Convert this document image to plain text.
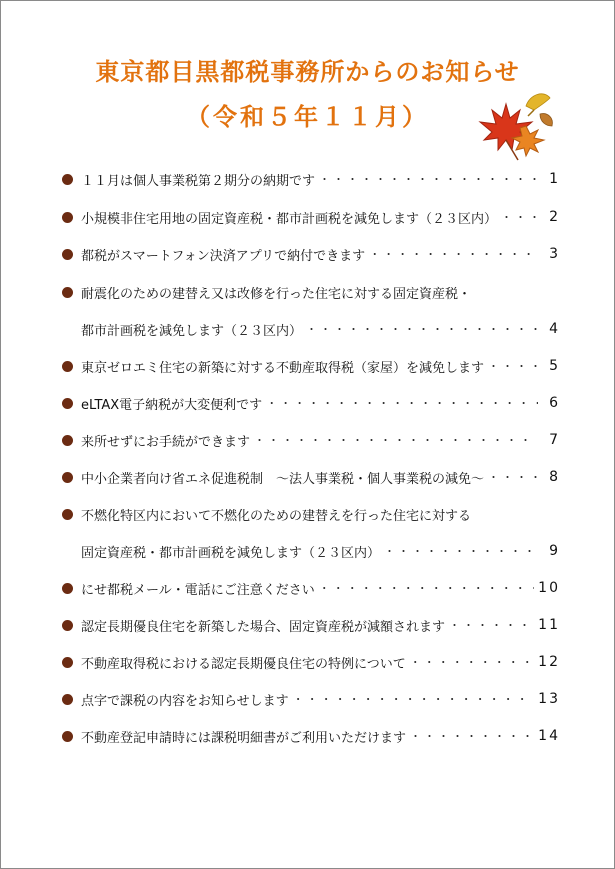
東京都目黒都税事務所からのお知らせ
（令和５年１１月）
１１月は個人事業税第２期分の納期です ・・・・・・・・・・・・・・・・・・・・・・・・・・・・・・・・・・・・・・・・・・・・・・・・・・・・・・・	1
小規模非住宅用地の固定資産税・都市計画税を減免します（２３区内） ・・・・・・・・・・・・・・・・・・・・・・・・・・・・・・・・・・・・・・・・・・・・・・・・・・・・・・・	2
都税がスマートフォン決済アプリで納付できます ・・・・・・・・・・・・・・・・・・・・・・・・・・・・・・・・・・・・・・・・・・・・・・・・・・・・・・・	3
耐震化のための建替え又は改修を行った住宅に対する固定資産税・
都市計画税を減免します（２３区内） ・・・・・・・・・・・・・・・・・・・・・・・・・・・・・・・・・・・・・・・・・・・・・・・・・・・・・・・	4
東京ゼロエミ住宅の新築に対する不動産取得税（家屋）を減免します ・・・・・・・・・・・・・・・・・・・・・・・・・・・・・・・・・・・・・・・・・・・・・・・・・・・・・・・	5
eLTAX電子納税が大変便利です ・・・・・・・・・・・・・・・・・・・・・・・・・・・・・・・・・・・・・・・・・・・・・・・・・・・・・・・	6
来所せずにお手続ができます ・・・・・・・・・・・・・・・・・・・・・・・・・・・・・・・・・・・・・・・・・・・・・・・・・・・・・・・	7
中小企業者向け省エネ促進税制　～法人事業税・個人事業税の減免～ ・・・・・・・・・・・・・・・・・・・・・・・・・・・・・・・・・・・・・・・・・・・・・・・・・・・・・・・	8
不燃化特区内において不燃化のための建替えを行った住宅に対する
固定資産税・都市計画税を減免します（２３区内） ・・・・・・・・・・・・・・・・・・・・・・・・・・・・・・・・・・・・・・・・・・・・・・・・・・・・・・・	9
にせ都税メール・電話にご注意ください ・・・・・・・・・・・・・・・・・・・・・・・・・・・・・・・・・・・・・・・・・・・・・・・・・・・・・・・	10
認定長期優良住宅を新築した場合、固定資産税が減額されます ・・・・・・・・・・・・・・・・・・・・・・・・・・・・・・・・・・・・・・・・・・・・・・・・・・・・・・・	11
不動産取得税における認定長期優良住宅の特例について ・・・・・・・・・・・・・・・・・・・・・・・・・・・・・・・・・・・・・・・・・・・・・・・・・・・・・・・	12
点字で課税の内容をお知らせします ・・・・・・・・・・・・・・・・・・・・・・・・・・・・・・・・・・・・・・・・・・・・・・・・・・・・・・・	13
不動産登記申請時には課税明細書がご利用いただけます ・・・・・・・・・・・・・・・・・・・・・・・・・・・・・・・・・・・・・・・・・・・・・・・・・・・・・・・	14
